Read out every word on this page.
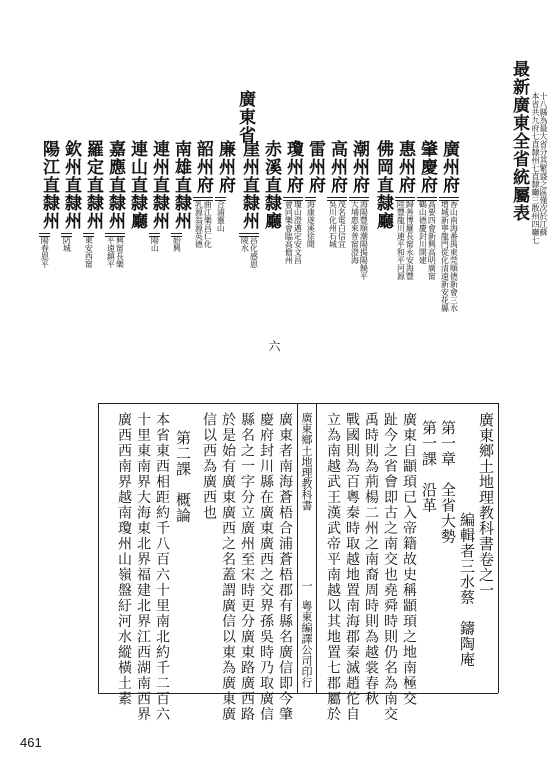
最新廣東全省統屬表 本省共九府七直隸州七直隸廳三散州四廳七 十八縣為最大省分其繁盛之區僅次於江蘇
廣州府
香山南海番禺東莞順德新會三水
增城新寧龍門從化清遠新安花縣
肇慶府
高要四會新興高明廣甯
鶴山德慶封川開建
惠州府
歸善博羅長甯永安海豐
陸豐龍川連平和平河源
佛岡直隸廳
潮州府
海陽豐順潮陽揭陽饒平
大埔惠來普甯澄海
高州府
茂名電白信宜
吳川化州石城
雷州府
海康遂溪徐聞
瓊州府
瓊山澄邁定安文昌
會同樂會臨高儋州
赤溪直隸廳
崖州直隸州
昌化感恩
陵水
廉州府
合浦靈山
韶州府
曲江樂昌仁化
乳源翁源英德
南雄直隸州
始興
連州直隸州
陽山
連山直隸廳
嘉應直隸州
興甯長樂
平遠鎮平
羅定直隸州
東安西甯
欽州直隸州
防城
陽江直隸州
陽春恩平
廣東省
六
廣東鄉土地理教科書卷之一
編輯者三水蔡　鑄陶庵
第一章　全省大勢
第一課　沿革
廣東自顓頊已入帝籍故史稱顓頊之地南極交
趾今之省會即古之南交也堯舜時則仍名為南交
禹時則為荊楊二州之南裔周時則為越裳春秋
戰國則為百粵秦時取越地置南海郡秦滅趙佗自
立為南越武王漢武帝平南越以其地置七郡屬於
廣東鄉土地理教科書
一
粵東編譯公司印行
廣東者南海蒼梧合浦蒼梧郡有縣名廣信即今肇
慶府封川縣在廣東廣西之交界孫吳時乃取廣信
縣名之一字分立廣州至宋時更分廣東路廣西路
於是始有廣東廣西之名蓋謂廣信以東為廣東廣
信以西為廣西也
第二課　概論
本省東西相距約千八百六十里南北約千二百六
十里東南界大海東北界福建北界江西湖南西界
廣西西南界越南瓊州山嶺盤紆河水縱橫土素
461
